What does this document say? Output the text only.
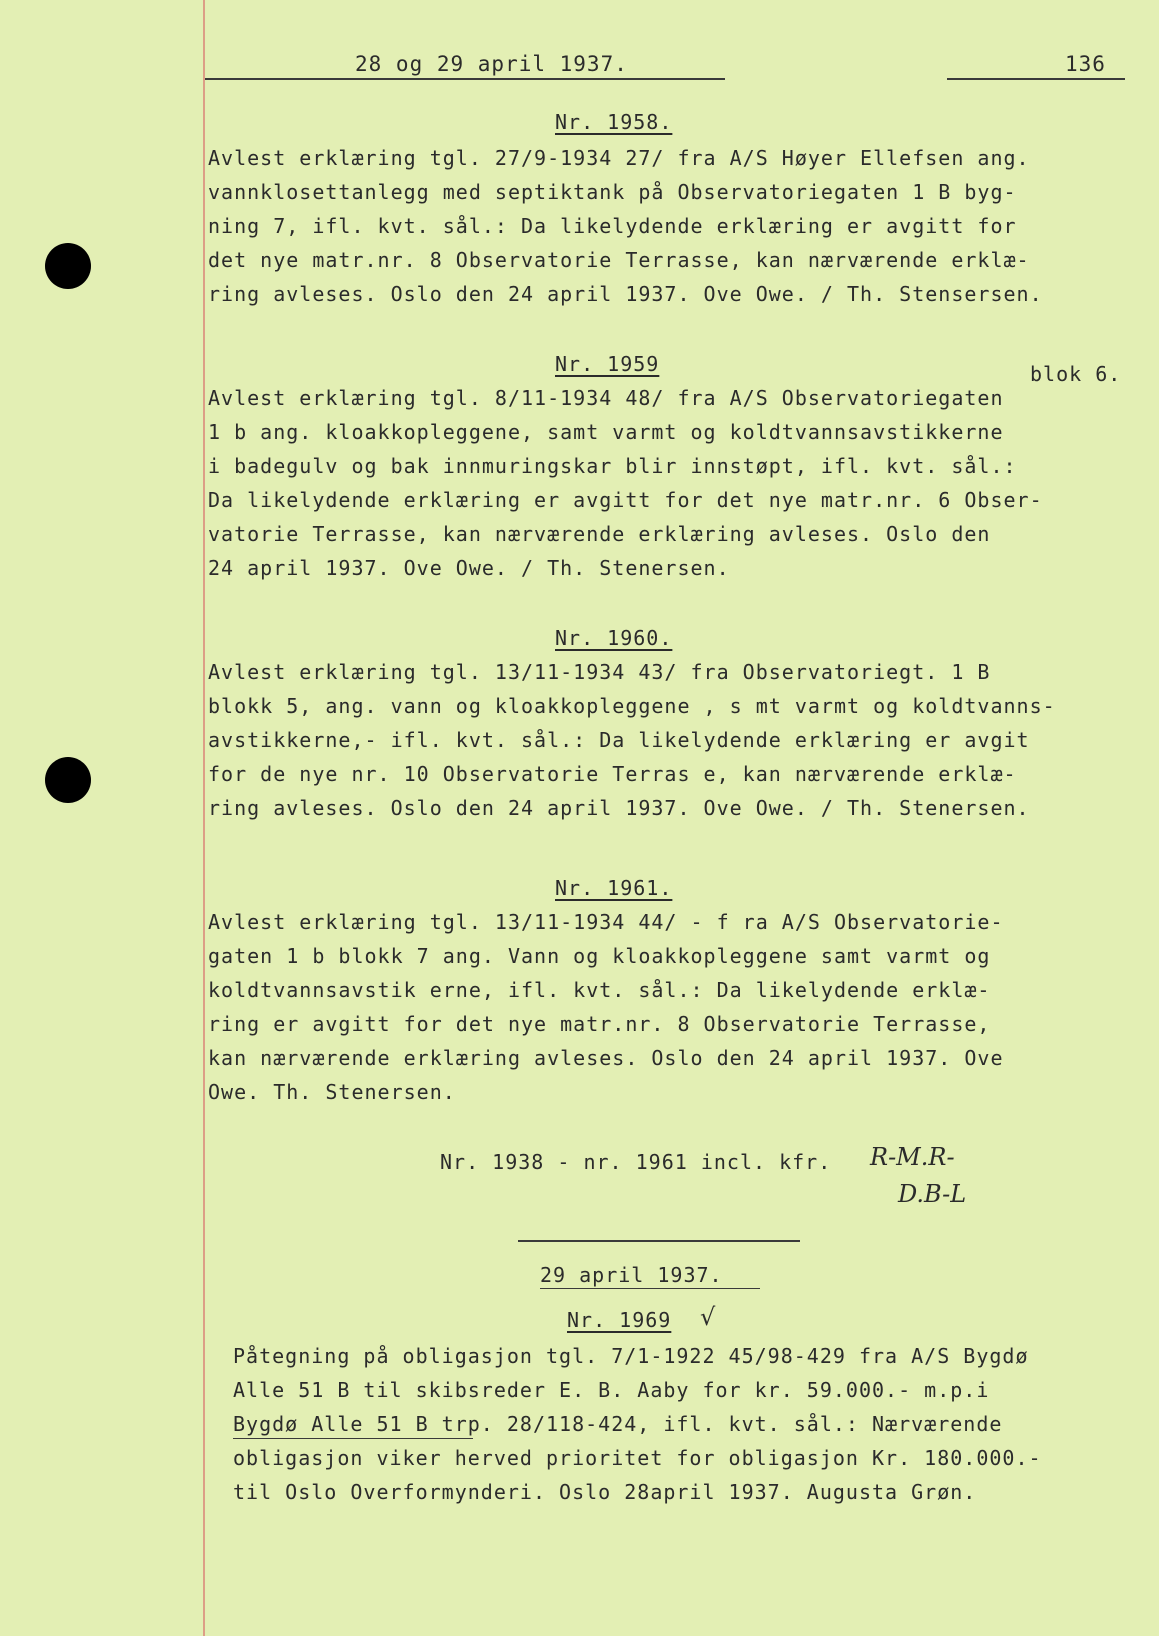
28 og 29 april 1937.	136
Nr. 1958.
Avlest erklæring tgl. 27/9-1934 27/ fra A/S Høyer Ellefsen ang.
vannklosettanlegg med septiktank på Observatoriegaten 1 B byg-
ning 7, ifl. kvt. sål.: Da likelydende erklæring er avgitt for
det nye matr.nr. 8 Observatorie Terrasse, kan nærværende erklæ-
ring avleses. Oslo den 24 april 1937. Ove Owe. / Th. Stensersen.
Nr. 1959	blok 6.
Avlest erklæring tgl. 8/11-1934 48/ fra A/S Observatoriegaten
1 b ang. kloakkopleggene, samt varmt og koldtvannsavstikkerne
i badegulv og bak innmuringskar blir innstøpt, ifl. kvt. sål.:
Da likelydende erklæring er avgitt for det nye matr.nr. 6 Obser-
vatorie Terrasse, kan nærværende erklæring avleses. Oslo den
24 april 1937. Ove Owe. / Th. Stenersen.
Nr. 1960.
Avlest erklæring tgl. 13/11-1934 43/ fra Observatoriegt. 1 B
blokk 5, ang. vann og kloakkopleggene , s mt varmt og koldtvanns-
avstikkerne,- ifl. kvt. sål.: Da likelydende erklæring er avgit
for de nye nr. 10 Observatorie Terras e, kan nærværende erklæ-
ring avleses. Oslo den 24 april 1937. Ove Owe. / Th. Stenersen.
Nr. 1961.
Avlest erklæring tgl. 13/11-1934 44/ - f ra A/S Observatorie-
gaten 1 b blokk 7 ang. Vann og kloakkopleggene samt varmt og
koldtvannsavstik erne, ifl. kvt. sål.: Da likelydende erklæ-
ring er avgitt for det nye matr.nr. 8 Observatorie Terrasse,
kan nærværende erklæring avleses. Oslo den 24 april 1937. Ove
Owe. Th. Stenersen.
Nr. 1938 - nr. 1961 incl. kfr. R-M.R-
D.B-L
29 april 1937.
Nr. 1969 √
Påtegning på obligasjon tgl. 7/1-1922 45/98-429 fra A/S Bygdø
Alle 51 B til skibsreder E. B. Aaby for kr. 59.000.- m.p.i
Bygdø Alle 51 B trp. 28/118-424, ifl. kvt. sål.: Nærværende
obligasjon viker herved prioritet for obligasjon Kr. 180.000.-
til Oslo Overformynderi. Oslo 28april 1937. Augusta Grøn.
